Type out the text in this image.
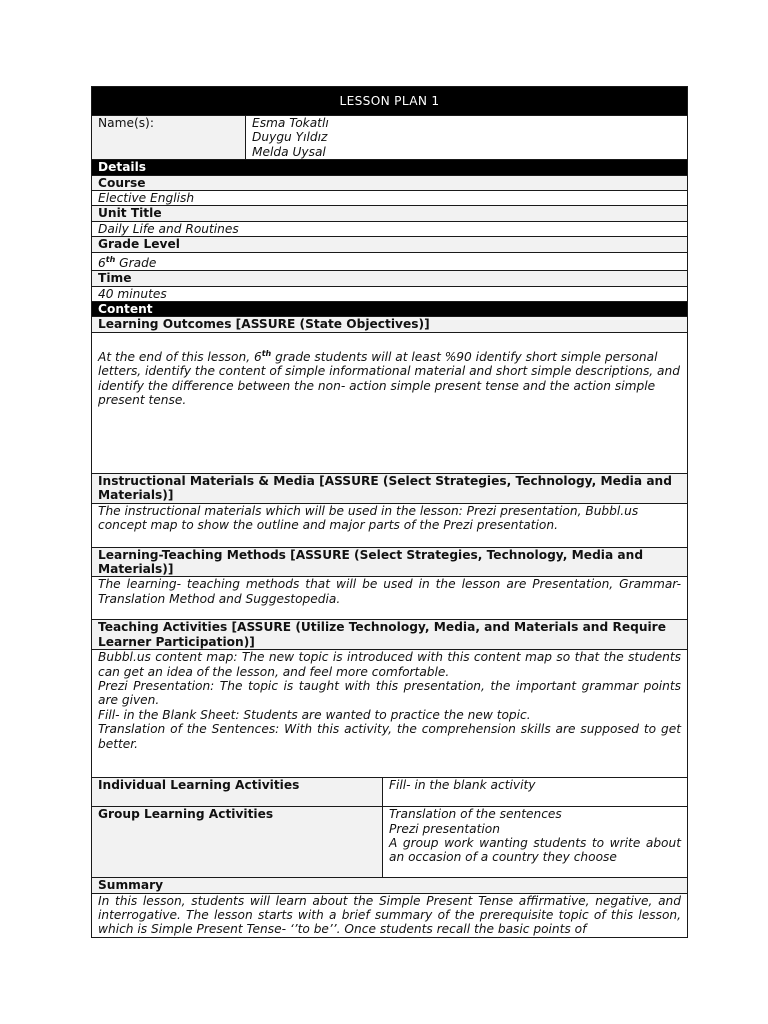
LESSON PLAN 1		

Name(s):	Esma Tokatlı
Duygu Yıldız
Melda Uysal	

Details		
Course		
Elective English		
Unit Title		
Daily Life and Routines		
Grade Level		
6th Grade		
Time		
40 minutes		
Content		
Learning Outcomes [ASSURE (State Objectives)]		
At the end of this lesson, 6th grade students will at least %90 identify short simple personal letters, identify the content of simple informational material and short simple descriptions, and identify the difference between the non- action simple present tense and the action simple present tense.		
Instructional Materials & Media [ASSURE (Select Strategies, Technology, Media and Materials)]		
The instructional materials which will be used in the lesson: Prezi presentation, Bubbl.us concept map to show the outline and major parts of the Prezi presentation.		
Learning-Teaching Methods [ASSURE (Select Strategies, Technology, Media and Materials)]		
The learning- teaching methods that will be used in the lesson are Presentation, Grammar- Translation Method and Suggestopedia.		
Teaching Activities [ASSURE (Utilize Technology, Media, and Materials and Require Learner Participation)]		

Bubbl.us content map: The new topic is introduced with this content map so that the students can get an idea of the lesson, and feel more comfortable.
Prezi Presentation: The topic is taught with this presentation, the important grammar points are given.
Fill- in the Blank Sheet: Students are wanted to practice the new topic.
Translation of the Sentences: With this activity, the comprehension skills are supposed to get better.		

Individual Learning Activities		Fill- in the blank activity
Group Learning Activities		Translation of the sentences
Prezi presentation
A group work wanting students to write about an occasion of a country they choose

Summary		
In this lesson, students will learn about the Simple Present Tense affirmative, negative, and interrogative. The lesson starts with a brief summary of the prerequisite topic of this lesson, which is Simple Present Tense- ‘’to be’’. Once students recall the basic points of		
